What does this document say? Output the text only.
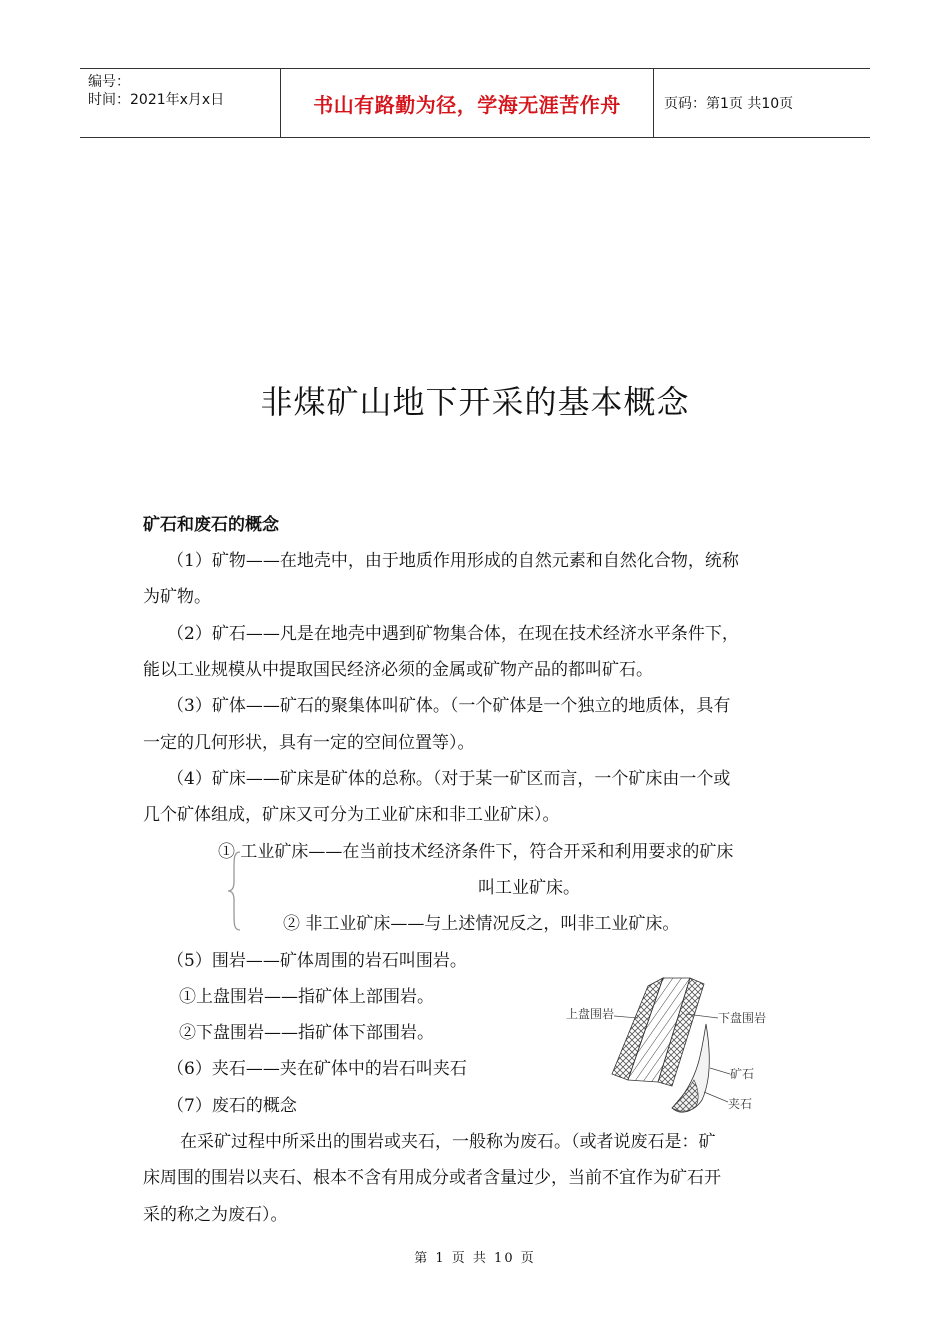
编号：
时间：2021年x月x日	书山有路勤为径，学海无涯苦作舟	页码：第1页 共10页
非煤矿山地下开采的基本概念
矿石和废石的概念
（1）矿物——在地壳中，由于地质作用形成的自然元素和自然化合物，统称
为矿物。
（2）矿石——凡是在地壳中遇到矿物集合体，在现在技术经济水平条件下，
能以工业规模从中提取国民经济必须的金属或矿物产品的都叫矿石。
（3）矿体——矿石的聚集体叫矿体。（一个矿体是一个独立的地质体，具有
一定的几何形状，具有一定的空间位置等）。
（4）矿床——矿床是矿体的总称。（对于某一矿区而言，一个矿床由一个或
几个矿体组成，矿床又可分为工业矿床和非工业矿床）。
① 工业矿床——在当前技术经济条件下，符合开采和利用要求的矿床
叫工业矿床。
② 非工业矿床——与上述情况反之，叫非工业矿床。
（5）围岩——矿体周围的岩石叫围岩。
①上盘围岩——指矿体上部围岩。
②下盘围岩——指矿体下部围岩。
（6）夹石——夹在矿体中的岩石叫夹石
（7）废石的概念
在采矿过程中所采出的围岩或夹石，一般称为废石。（或者说废石是：矿
床周围的围岩以夹石、根本不含有用成分或者含量过少，当前不宜作为矿石开
采的称之为废石）。
上盘围岩	下盘围岩
矿石
夹石
第 1 页 共 10 页
